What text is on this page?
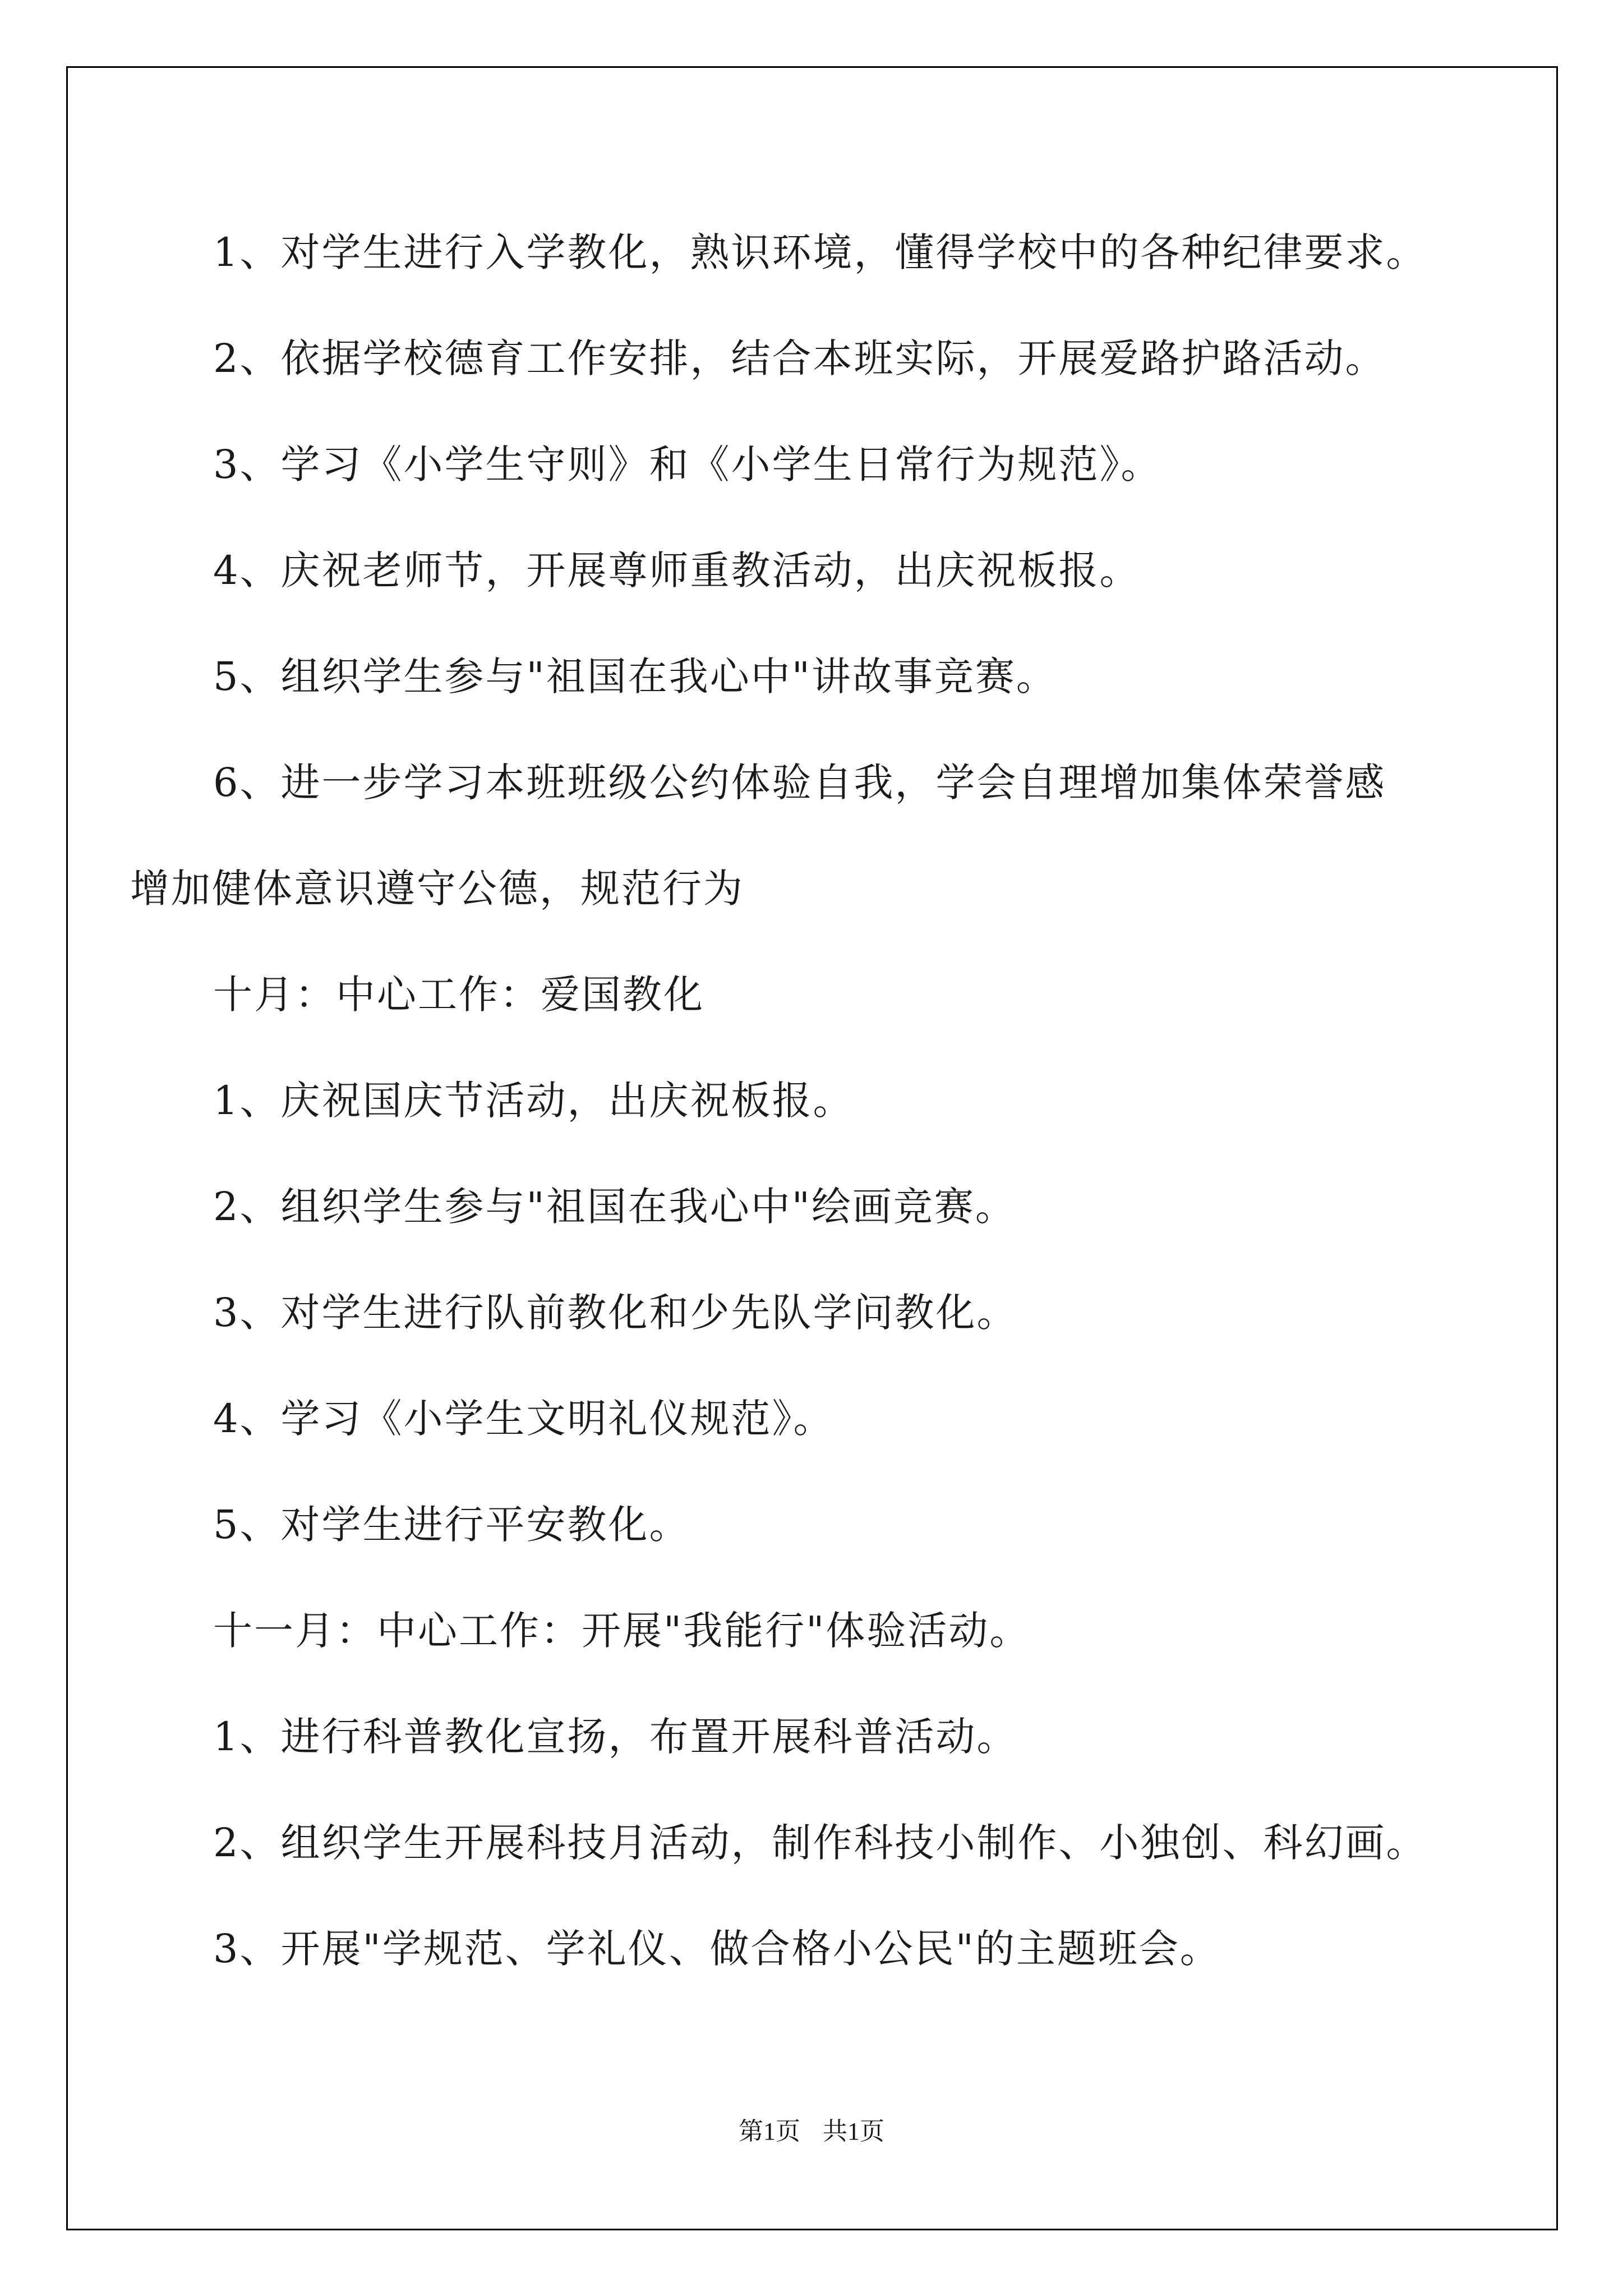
1、对学生进行入学教化，熟识环境，懂得学校中的各种纪律要求。
2、依据学校德育工作安排，结合本班实际，开展爱路护路活动。
3、学习《小学生守则》和《小学生日常行为规范》。
4、庆祝老师节，开展尊师重教活动，出庆祝板报。
5、组织学生参与"祖国在我心中"讲故事竞赛。
6、进一步学习本班班级公约体验自我，学会自理增加集体荣誉感
增加健体意识遵守公德，规范行为
十月：中心工作：爱国教化
1、庆祝国庆节活动，出庆祝板报。
2、组织学生参与"祖国在我心中"绘画竞赛。
3、对学生进行队前教化和少先队学问教化。
4、学习《小学生文明礼仪规范》。
5、对学生进行平安教化。
十一月：中心工作：开展"我能行"体验活动。
1、进行科普教化宣扬，布置开展科普活动。
2、组织学生开展科技月活动，制作科技小制作、小独创、科幻画。
3、开展"学规范、学礼仪、做合格小公民"的主题班会。
第1页 共1页
